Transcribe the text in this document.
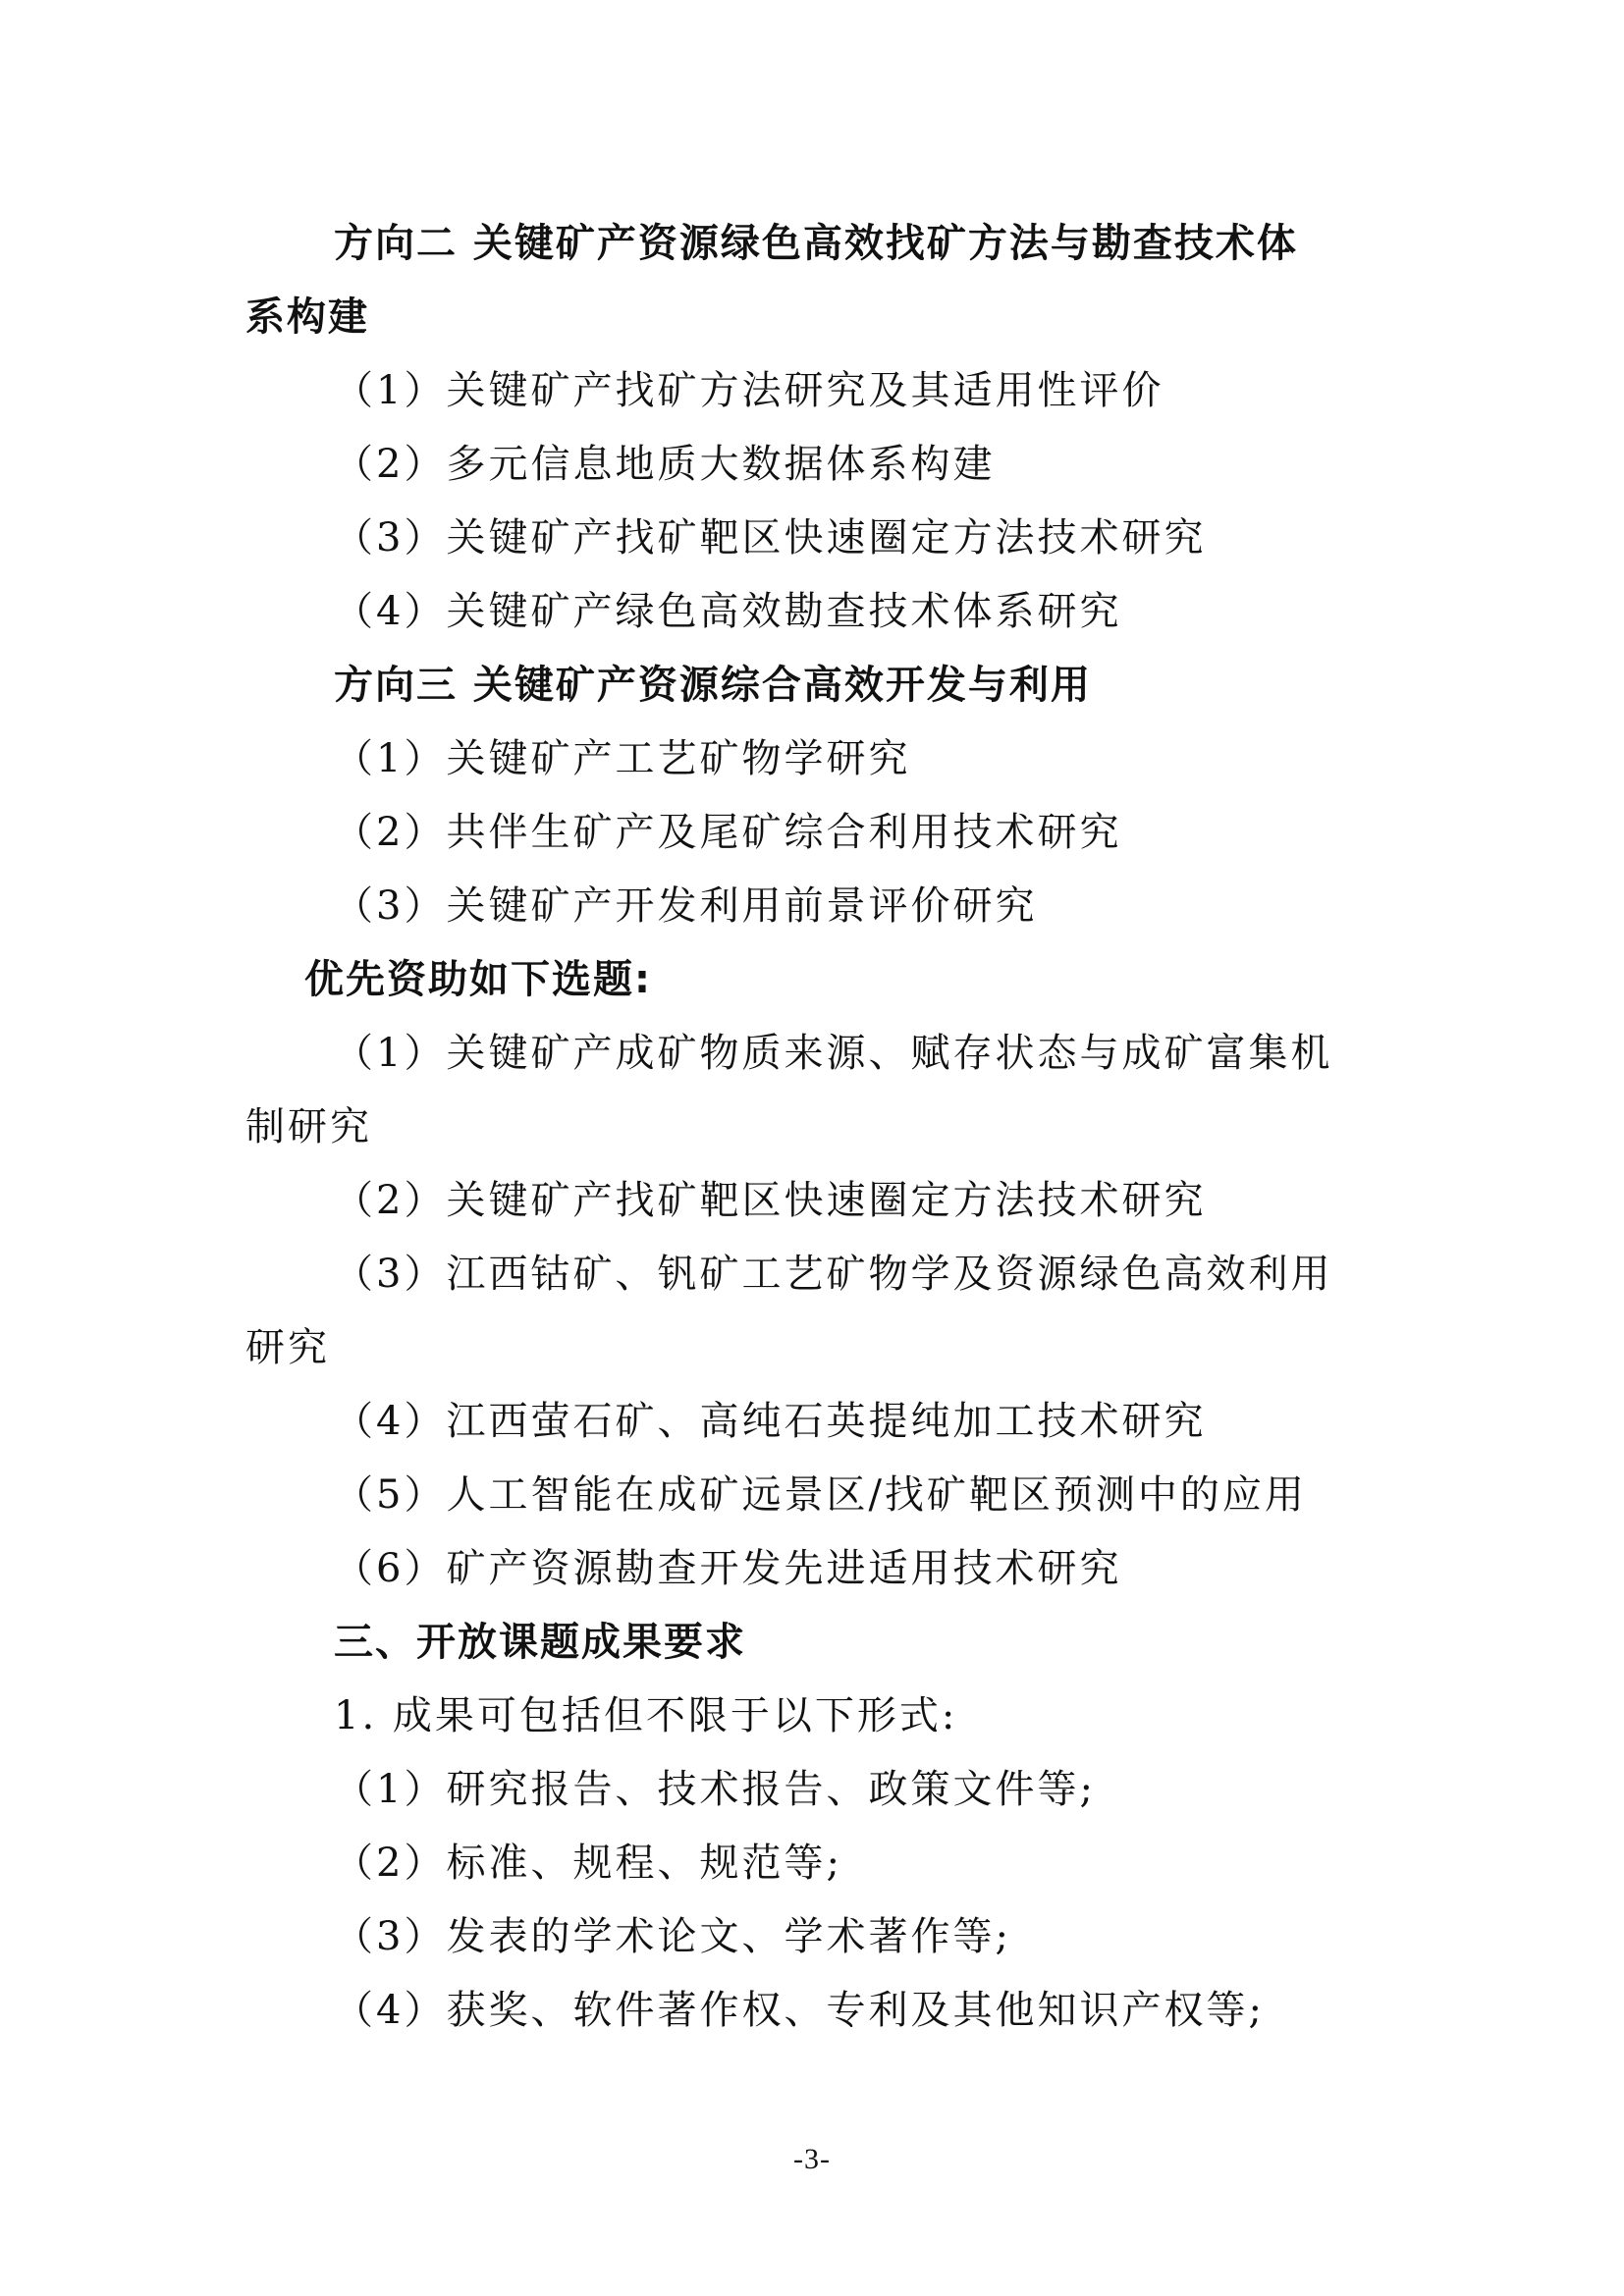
方向二 关键矿产资源绿色高效找矿方法与勘查技术体
系构建
（1）关键矿产找矿方法研究及其适用性评价
（2）多元信息地质大数据体系构建
（3）关键矿产找矿靶区快速圈定方法技术研究
（4）关键矿产绿色高效勘查技术体系研究
方向三 关键矿产资源综合高效开发与利用
（1）关键矿产工艺矿物学研究
（2）共伴生矿产及尾矿综合利用技术研究
（3）关键矿产开发利用前景评价研究
优先资助如下选题:
（1）关键矿产成矿物质来源、赋存状态与成矿富集机
制研究
（2）关键矿产找矿靶区快速圈定方法技术研究
（3）江西钴矿、钒矿工艺矿物学及资源绿色高效利用
研究
（4）江西萤石矿、高纯石英提纯加工技术研究
（5）人工智能在成矿远景区/找矿靶区预测中的应用
（6）矿产资源勘查开发先进适用技术研究
三、开放课题成果要求
1. 成果可包括但不限于以下形式:
（1）研究报告、技术报告、政策文件等;
（2）标准、规程、规范等;
（3）发表的学术论文、学术著作等;
（4）获奖、软件著作权、专利及其他知识产权等;
-3-
